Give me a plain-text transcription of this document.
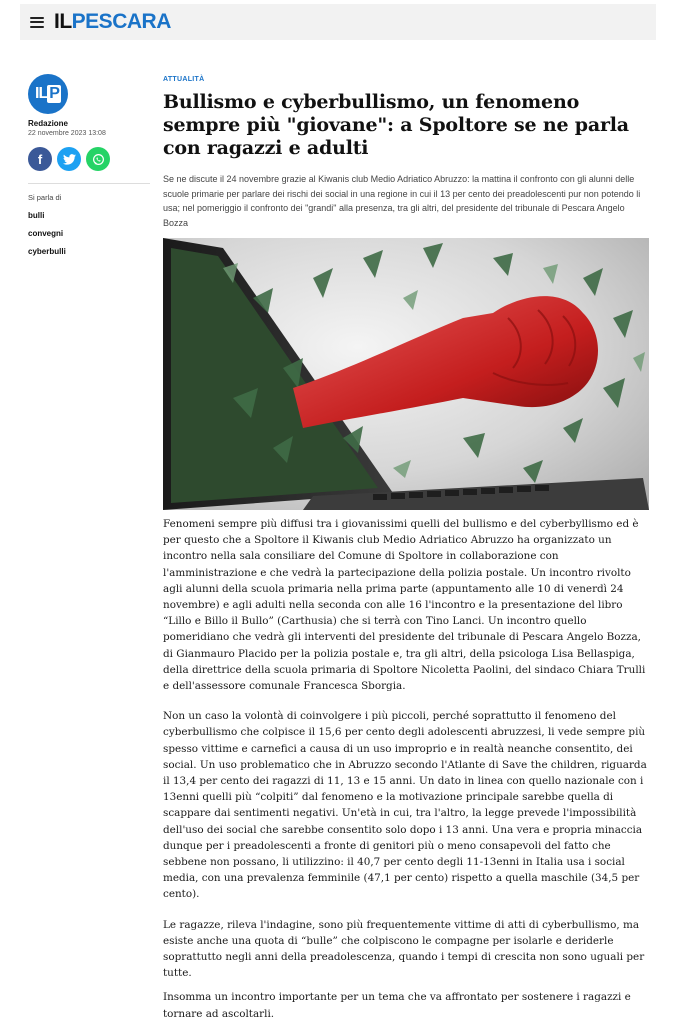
ILPESCARA
IL P
Redazione
22 novembre 2023 13:08
f
Si parla di
bulli
convegni
cyberbulli
ATTUALITÀ
Bullismo e cyberbullismo, un fenomeno sempre più "giovane": a Spoltore se ne parla con ragazzi e adulti

Se ne discute il 24 novembre grazie al Kiwanis club Medio Adriatico Abruzzo: la mattina il confronto con gli alunni delle scuole primarie per parlare dei rischi dei social in una regione in cui il 13 per cento dei preadolescenti pur non potendo li usa; nel pomeriggio il confronto dei "grandi" alla presenza, tra gli altri, del presidente del tribunale di Pescara Angelo Bozza

Fenomeni sempre più diffusi tra i giovanissimi quelli del bullismo e del cyberbyllismo ed è per questo che a Spoltore il Kiwanis club Medio Adriatico Abruzzo ha organizzato un incontro nella sala consiliare del Comune di Spoltore in collaborazione con l'amministrazione e che vedrà la partecipazione della polizia postale. Un incontro rivolto agli alunni della scuola primaria nella prima parte (appuntamento alle 10 di venerdì 24 novembre) e agli adulti nella seconda con alle 16 l'incontro e la presentazione del libro “Lillo e Billo il Bullo” (Carthusia) che si terrà con Tino Lanci. Un incontro quello pomeridiano che vedrà gli interventi del presidente del tribunale di Pescara Angelo Bozza, di Gianmauro Placido per la polizia postale e, tra gli altri, della psicologa Lisa Bellaspiga, della direttrice della scuola primaria di Spoltore Nicoletta Paolini, del sindaco Chiara Trulli e dell'assessore comunale Francesca Sborgia.

Non un caso la volontà di coinvolgere i più piccoli, perché soprattutto il fenomeno del cyberbullismo che colpisce il 15,6 per cento degli adolescenti abruzzesi, li vede sempre più spesso vittime e carnefici a causa di un uso improprio e in realtà neanche consentito, dei social. Un uso problematico che in Abruzzo secondo l'Atlante di Save the children, riguarda il 13,4 per cento dei ragazzi di 11, 13 e 15 anni. Un dato in linea con quello nazionale con i 13enni quelli più “colpiti” dal fenomeno e la motivazione principale sarebbe quella di scappare dai sentimenti negativi. Un'età in cui, tra l'altro, la legge prevede l'impossibilità dell'uso dei social che sarebbe consentito solo dopo i 13 anni. Una vera e propria minaccia dunque per i preadolescenti a fronte di genitori più o meno consapevoli del fatto che sebbene non possano, li utilizzino: il 40,7 per cento degli 11-13enni in Italia usa i social media, con una prevalenza femminile (47,1 per cento) rispetto a quella maschile (34,5 per cento).

Le ragazze, rileva l'indagine, sono più frequentemente vittime di atti di cyberbullismo, ma esiste anche una quota di “bulle” che colpiscono le compagne per isolarle e deriderle soprattutto negli anni della preadolescenza, quando i tempi di crescita non sono uguali per tutte.

Insomma un incontro importante per un tema che va affrontato per sostenere i ragazzi e tornare ad ascoltarli.
